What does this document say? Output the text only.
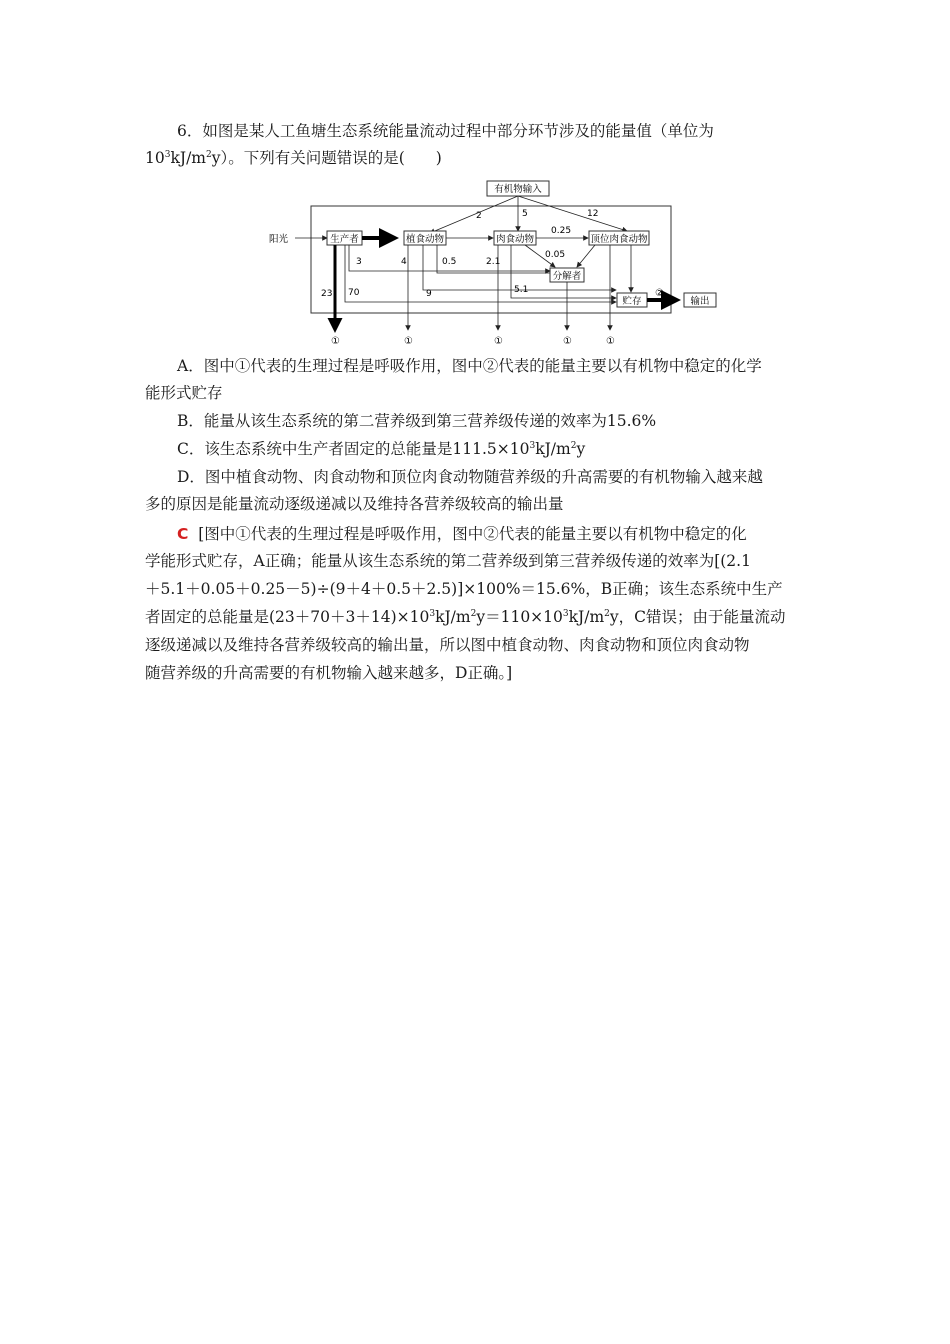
6．如图是某人工鱼塘生态系统能量流动过程中部分环节涉及的能量值（单位为

$10^3kJ/m^2y$）。下列有关问题错误的是(　　)

有机物输入
2	5	12
阳光	生产者	植食动物	肉食动物
0.25
顶位肉食动物
分解者
贮存	输出
②
23
3
70
4
9
0.5	2.1
5.1
0.05
①	①	①	①	①

A．图中①代表的生理过程是呼吸作用，图中②代表的能量主要以有机物中稳定的化学

能形式贮存

B．能量从该生态系统的第二营养级到第三营养级传递的效率为15.6%

C．该生态系统中生产者固定的总能量是$111.5\times 10^3kJ/m^2y$

D．图中植食动物、肉食动物和顶位肉食动物随营养级的升高需要的有机物输入越来越

多的原因是能量流动逐级递减以及维持各营养级较高的输出量

C [图中①代表的生理过程是呼吸作用，图中②代表的能量主要以有机物中稳定的化

学能形式贮存，A正确；能量从该生态系统的第二营养级到第三营养级传递的效率为[(2.1

＋5.1＋0.05＋0.25－5)÷(9＋4＋0.5＋2.5)]×100%＝15.6%，B正确；该生态系统中生产

者固定的总能量是$(23+70+3+14)\times 10^3kJ/m^2y=110\times 10^3kJ/m^2y$，C错误；由于能量流动

逐级递减以及维持各营养级较高的输出量，所以图中植食动物、肉食动物和顶位肉食动物

随营养级的升高需要的有机物输入越来越多，D正确。]
